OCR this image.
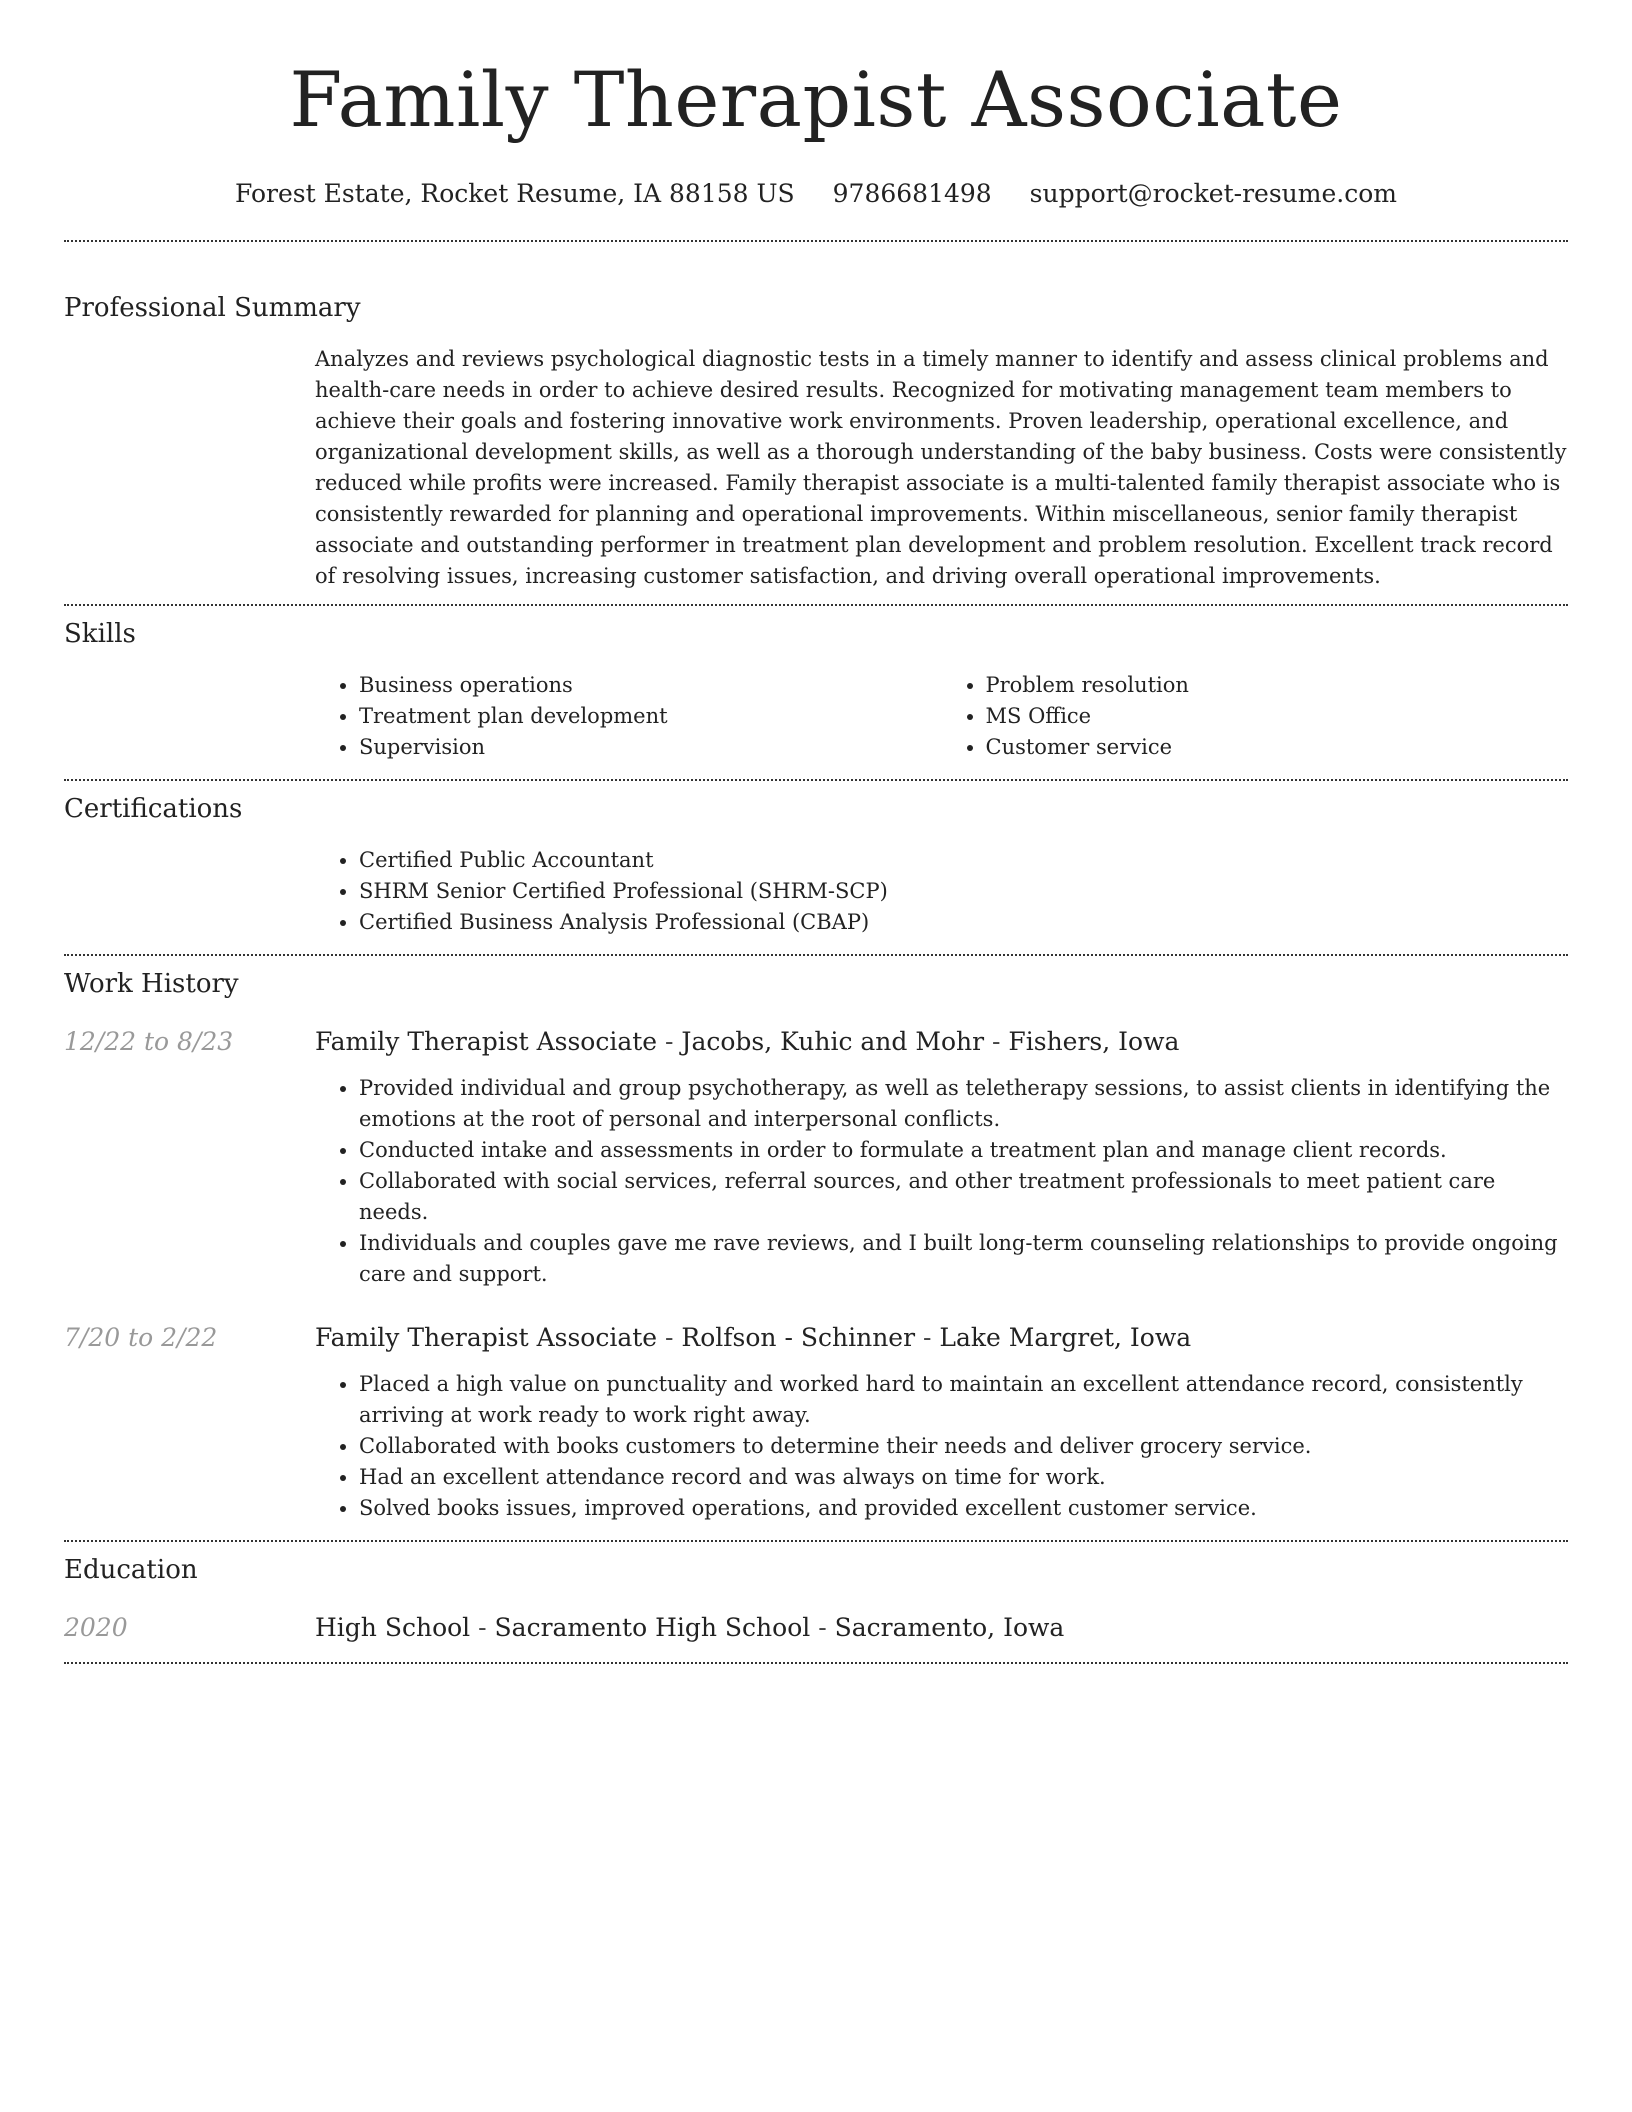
Family Therapist Associate
Forest Estate, Rocket Resume, IA 88158 US 9786681498 support@rocket-resume.com
Professional Summary

Analyzes and reviews psychological diagnostic tests in a timely manner to identify and assess clinical problems and health-care needs in order to achieve desired results. Recognized for motivating management team members to achieve their goals and fostering innovative work environments. Proven leadership, operational excellence, and organizational development skills, as well as a thorough understanding of the baby business. Costs were consistently reduced while profits were increased. Family therapist associate is a multi-talented family therapist associate who is consistently rewarded for planning and operational improvements. Within miscellaneous, senior family therapist associate and outstanding performer in treatment plan development and problem resolution. Excellent track record of resolving issues, increasing customer satisfaction, and driving overall operational improvements.

Skills
• Business operations
• Treatment plan development
• Supervision
• Problem resolution
• MS Office
• Customer service
Certifications
• Certified Public Accountant
• SHRM Senior Certified Professional (SHRM-SCP)
• Certified Business Analysis Professional (CBAP)
Work History
12/22 to 8/23	Family Therapist Associate - Jacobs, Kuhic and Mohr - Fishers, Iowa
• Provided individual and group psychotherapy, as well as teletherapy sessions, to assist clients in identifying the emotions at the root of personal and interpersonal conflicts.
• Conducted intake and assessments in order to formulate a treatment plan and manage client records.
• Collaborated with social services, referral sources, and other treatment professionals to meet patient care needs.
• Individuals and couples gave me rave reviews, and I built long-term counseling relationships to provide ongoing care and support.
7/20 to 2/22	Family Therapist Associate - Rolfson - Schinner - Lake Margret, Iowa
• Placed a high value on punctuality and worked hard to maintain an excellent attendance record, consistently arriving at work ready to work right away.
• Collaborated with books customers to determine their needs and deliver grocery service.
• Had an excellent attendance record and was always on time for work.
• Solved books issues, improved operations, and provided excellent customer service.
Education
2020	High School - Sacramento High School - Sacramento, Iowa
